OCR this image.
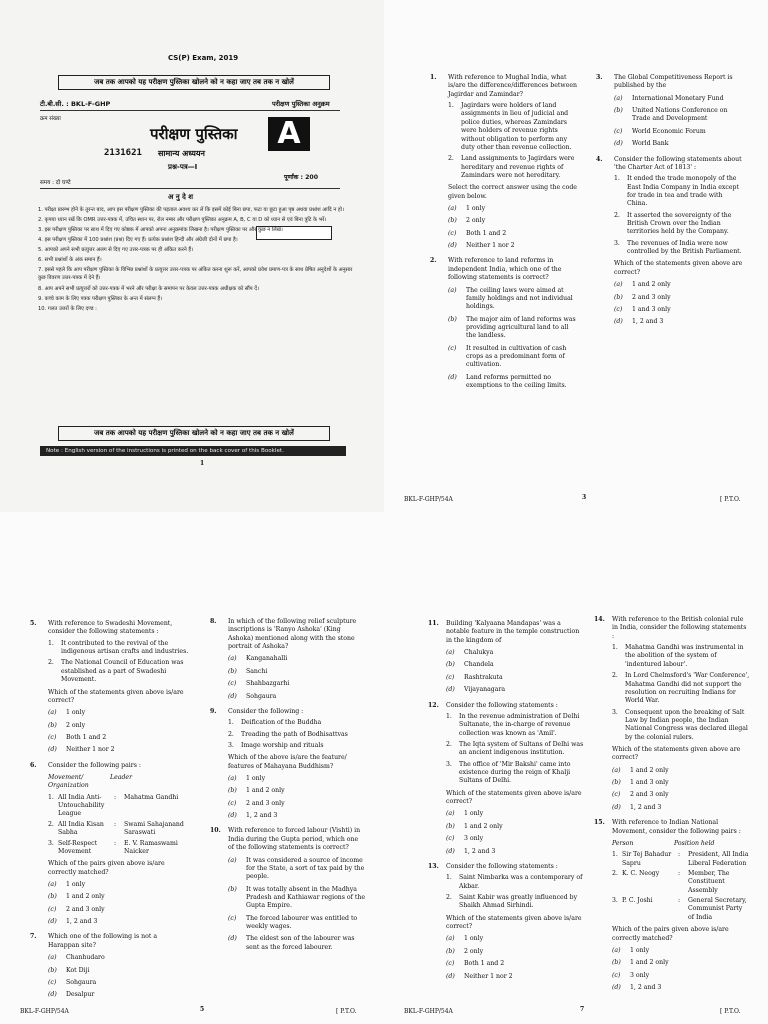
CS(P) Exam, 2019
जब तक आपको यह परीक्षण पुस्तिका खोलने को न कहा जाए तब तक न खोलें
टी.बी.सी. : BKL-F-GHP	परीक्षण पुस्तिका अनुक्रम
क्रम संख्या
परीक्षण पुस्तिका	A
2131621 सामान्य अध्ययन
प्रश्न-पत्र—I
समय : दो घण्टे
पूर्णांक : 200
अ नु दे श
1. परीक्षा प्रारम्भ होने के तुरन्त बाद, आप इस परीक्षण पुस्तिका की पड़ताल अवश्य कर लें कि इसमें कोई बिना छपा, फटा या छूटा हुआ पृष्ठ अथवा प्रश्नांश आदि न हो।
2. कृपया ध्यान रखें कि OMR उत्तर-पत्रक में, उचित स्थान पर, रोल नम्बर और परीक्षण पुस्तिका अनुक्रम A, B, C या D को ध्यान से एवं बिना त्रुटि के भरें।
3. इस परीक्षण पुस्तिका पर साथ में दिए गए कोष्ठक में आपको अपना अनुक्रमांक लिखना है। परीक्षण पुस्तिका पर और कुछ न लिखें।
4. इस परीक्षण पुस्तिका में 100 प्रश्नांश (प्रश्न) दिए गए हैं। प्रत्येक प्रश्नांश हिन्दी और अंग्रेजी दोनों में छपा है।
5. आपको अपने सभी प्रत्युत्तर अलग से दिए गए उत्तर-पत्रक पर ही अंकित करने हैं।
6. सभी प्रश्नांशों के अंक समान हैं।
7. इससे पहले कि आप परीक्षण पुस्तिका के विभिन्न प्रश्नांशों के प्रत्युत्तर उत्तर-पत्रक पर अंकित करना शुरू करें, आपको प्रवेश प्रमाण-पत्र के साथ प्रेषित अनुदेशों के अनुसार कुछ विवरण उत्तर-पत्रक में देने हैं।
8. आप अपने सभी प्रत्युत्तरों को उत्तर-पत्रक में भरने और परीक्षा के समापन पर केवल उत्तर-पत्रक अधीक्षक को सौंप दें।
9. कच्चे काम के लिए पत्रक परीक्षण पुस्तिका के अन्त में संलग्न हैं।
10. गलत उत्तरों के लिए दण्ड :
जब तक आपको यह परीक्षण पुस्तिका खोलने को न कहा जाए तब तक न खोलें
Note : English version of the instructions is printed on the back cover of this Booklet.
1
1.	With reference to Mughal India, what is/are the difference/differences between Jagirdar and Zamindar?
1.	Jagirdars were holders of land assignments in lieu of judicial and police duties, whereas Zamindars were holders of revenue rights without obligation to perform any duty other than revenue collection.
2.	Land assignments to Jagirdars were hereditary and revenue rights of Zamindars were not hereditary.
Select the correct answer using the code given below.
(a)	1 only
(b)	2 only
(c)	Both 1 and 2
(d)	Neither 1 nor 2
2.	With reference to land reforms in independent India, which one of the following statements is correct?
(a)	The ceiling laws were aimed at family holdings and not individual holdings.
(b)	The major aim of land reforms was providing agricultural land to all the landless.
(c)	It resulted in cultivation of cash crops as a predominant form of cultivation.
(d)	Land reforms permitted no exemptions to the ceiling limits.
3.	The Global Competitiveness Report is published by the
(a)	International Monetary Fund
(b)	United Nations Conference on Trade and Development
(c)	World Economic Forum
(d)	World Bank
4.	Consider the following statements about 'the Charter Act of 1813' :
1.	It ended the trade monopoly of the East India Company in India except for trade in tea and trade with China.
2.	It asserted the sovereignty of the British Crown over the Indian territories held by the Company.
3.	The revenues of India were now controlled by the British Parliament.
Which of the statements given above are correct?
(a)	1 and 2 only
(b)	2 and 3 only
(c)	1 and 3 only
(d)	1, 2 and 3
BKL-F-GHP/54A	3	[ P.T.O.
5.	With reference to Swadeshi Movement, consider the following statements :
1.	It contributed to the revival of the indigenous artisan crafts and industries.
2.	The National Council of Education was established as a part of Swadeshi Movement.
Which of the statements given above is/are correct?
(a)	1 only
(b)	2 only
(c)	Both 1 and 2
(d)	Neither 1 nor 2
6.	Consider the following pairs :
Movement/ Organization
Leader
1. All India Anti-Untouchability League
:	Mahatma Gandhi
2. All India Kisan Sabha
:	Swami Sahajanand Saraswati
3. Self-Respect Movement
:	E. V. Ramaswami Naicker
Which of the pairs given above is/are correctly matched?
(a)	1 only
(b)	1 and 2 only
(c)	2 and 3 only
(d)	1, 2 and 3
7.	Which one of the following is not a Harappan site?
(a)	Chanhudaro
(b)	Kot Diji
(c)	Sohgaura
(d)	Desalpur
8.	In which of the following relief sculpture inscriptions is 'Ranyo Ashoka' (King Ashoka) mentioned along with the stone portrait of Ashoka?
(a)	Kanganahalli
(b)	Sanchi
(c)	Shahbazgarhi
(d)	Sohgaura
9.	Consider the following :
1.	Deification of the Buddha
2.	Treading the path of Bodhisattvas
3.	Image worship and rituals
Which of the above is/are the feature/ features of Mahayana Buddhism?
(a)	1 only
(b)	1 and 2 only
(c)	2 and 3 only
(d)	1, 2 and 3
10.	With reference to forced labour (Vishti) in India during the Gupta period, which one of the following statements is correct?
(a)	It was considered a source of income for the State, a sort of tax paid by the people.
(b)	It was totally absent in the Madhya Pradesh and Kathiawar regions of the Gupta Empire.
(c)	The forced labourer was entitled to weekly wages.
(d)	The eldest son of the labourer was sent as the forced labourer.
BKL-F-GHP/54A	5	[ P.T.O.
11.	Building 'Kalyaana Mandapas' was a notable feature in the temple construction in the kingdom of
(a)	Chalukya
(b)	Chandela
(c)	Rashtrakuta
(d)	Vijayanagara
12.	Consider the following statements :
1.	In the revenue administration of Delhi Sultanate, the in-charge of revenue collection was known as 'Amil'.
2.	The Iqta system of Sultans of Delhi was an ancient indigenous institution.
3.	The office of 'Mir Bakshi' came into existence during the reign of Khalji Sultans of Delhi.
Which of the statements given above is/are correct?
(a)	1 only
(b)	1 and 2 only
(c)	3 only
(d)	1, 2 and 3
13.	Consider the following statements :
1.	Saint Nimbarka was a contemporary of Akbar.
2.	Saint Kabir was greatly influenced by Shaikh Ahmad Sirhindi.
Which of the statements given above is/are correct?
(a)	1 only
(b)	2 only
(c)	Both 1 and 2
(d)	Neither 1 nor 2
14.	With reference to the British colonial rule in India, consider the following statements :
1.	Mahatma Gandhi was instrumental in the abolition of the system of 'indentured labour'.
2.	In Lord Chelmsford's 'War Conference', Mahatma Gandhi did not support the resolution on recruiting Indians for World War.
3.	Consequent upon the breaking of Salt Law by Indian people, the Indian National Congress was declared illegal by the colonial rulers.
Which of the statements given above are correct?
(a)	1 and 2 only
(b)	1 and 3 only
(c)	2 and 3 only
(d)	1, 2 and 3
15.	With reference to Indian National Movement, consider the following pairs :
Person	Position held
1. Sir Tej Bahadur Sapru
:	President, All India Liberal Federation
2. K. C. Neogy	:	Member, The Constituent Assembly
3. P. C. Joshi	:	General Secretary, Communist Party of India
Which of the pairs given above is/are correctly matched?
(a)	1 only
(b)	1 and 2 only
(c)	3 only
(d)	1, 2 and 3
BKL-F-GHP/54A	7	[ P.T.O.
